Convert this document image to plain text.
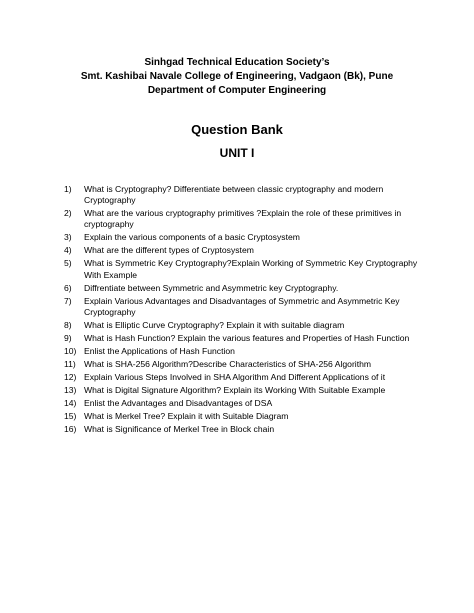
Sinhgad Technical Education Society’s
Smt. Kashibai Navale College of Engineering, Vadgaon (Bk), Pune
Department of Computer Engineering
Question Bank
UNIT I
1)	What is Cryptography? Differentiate between classic cryptography and modern Cryptography
2)	What are the various cryptography primitives ?Explain the role of these primitives in cryptography
3)	Explain the various components of a basic Cryptosystem
4)	What are the different types of Cryptosystem
5)	What is Symmetric Key Cryptography?Explain Working of Symmetric Key Cryptography With Example
6)	Diffrentiate between Symmetric and Asymmetric key Cryptography.
7)	Explain Various Advantages and Disadvantages of Symmetric and Asymmetric Key Cryptography
8)	What is Elliptic Curve Cryptography? Explain it with suitable diagram
9)	What is Hash Function? Explain the various features and Properties of Hash Function
10) Enlist the Applications of Hash Function
11) What is SHA-256 Algorithm?Describe Characteristics of SHA-256 Algorithm
12) Explain Various Steps Involved in SHA Algorithm And Different Applications of it
13) What is Digital Signature Algorithm? Explain its Working With Suitable Example
14) Enlist the Advantages and Disadvantages of DSA
15) What is Merkel Tree? Explain it with Suitable Diagram
16) What is Significance of Merkel Tree in Block chain
